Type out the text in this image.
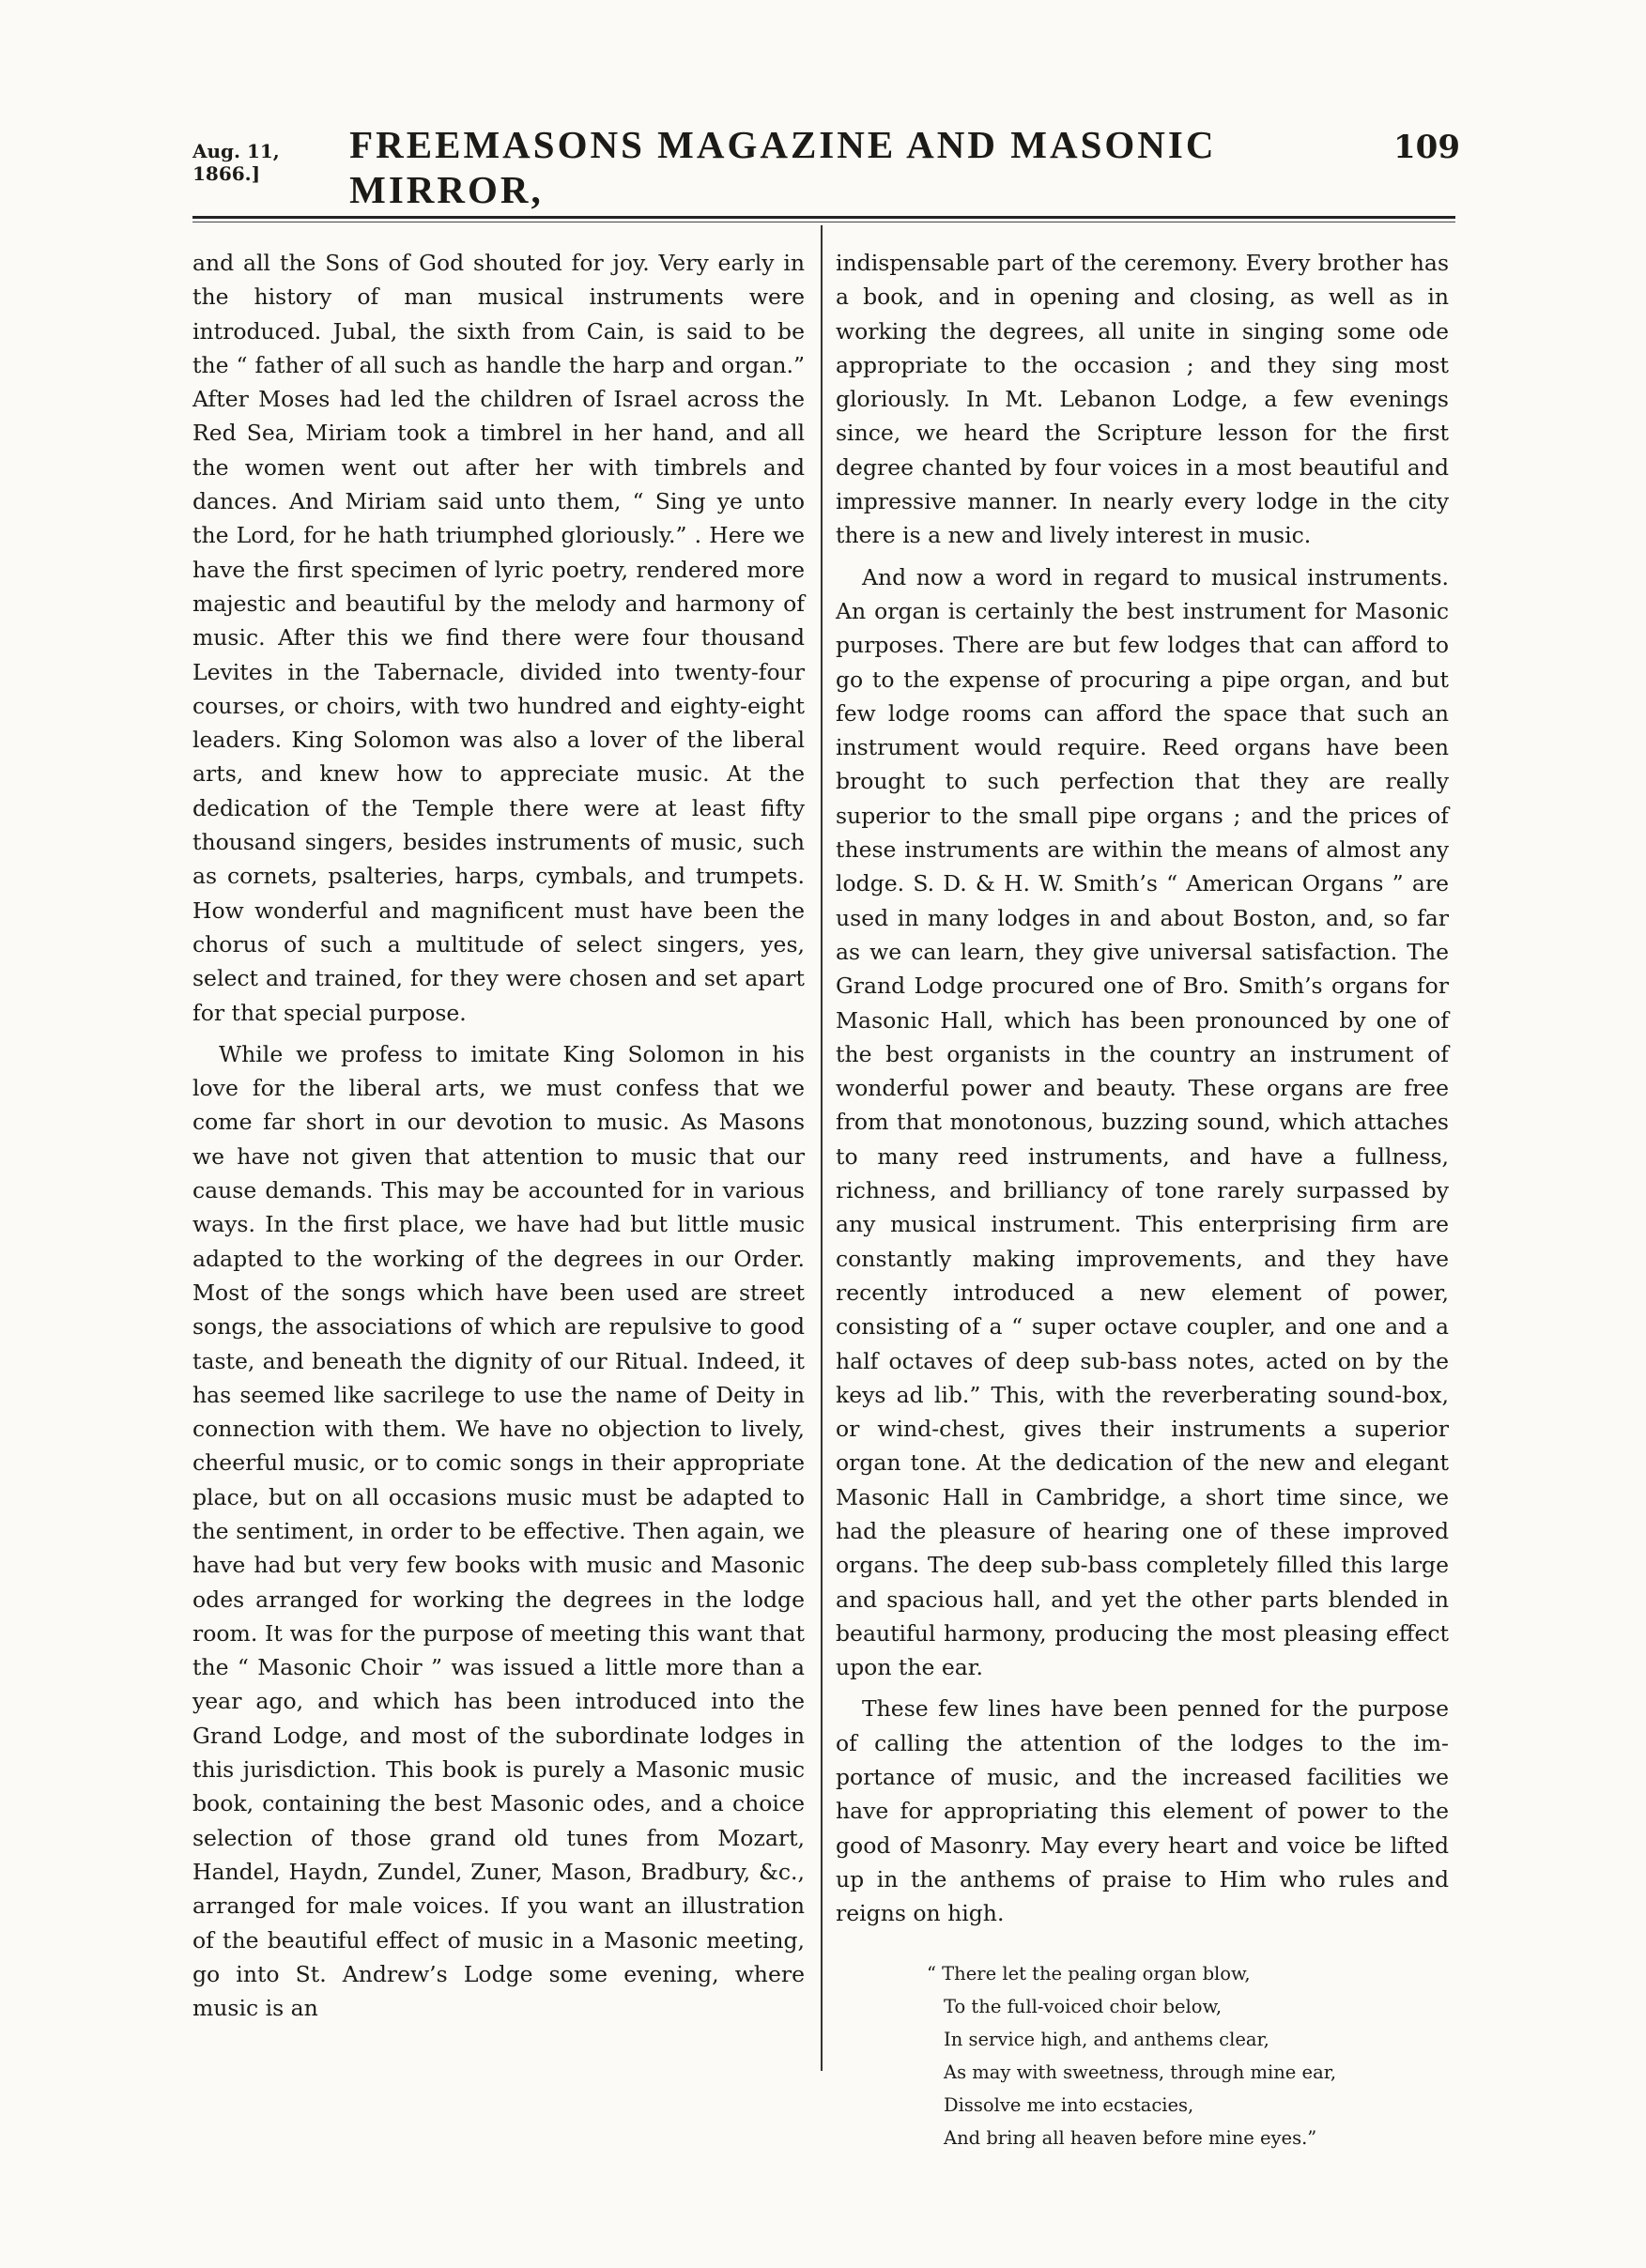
Aug. 11, 1866.]
FREEMASONS MAGAZINE AND MASONIC MIRROR,
109

and all the Sons of God shouted for joy. Very early in the history of man musical instruments were introduced. Jubal, the sixth from Cain, is said to be the “ father of all such as handle the harp and organ.” After Moses had led the children of Israel across the Red Sea, Miriam took a timbrel in her hand, and all the women went out after her with timbrels and dances. And Miriam said unto them, “ Sing ye unto the Lord, for he hath triumphed gloriously.” . Here we have the first specimen of lyric poetry, rendered more majestic and beautiful by the melody and harmony of music. After this we find there were four thousand Levites in the Tabernacle, divided into twenty-four courses, or choirs, with two hundred and eighty-eight leaders. King Solomon was also a lover of the liberal arts, and knew how to appreciate music. At the dedication of the Temple there were at least fifty thousand singers, besides instruments of music, such as cornets, psalteries, harps, cymbals, and trumpets. How wonderful and magnificent must have been the chorus of such a multitude of select singers, yes, select and trained, for they were chosen and set apart for that special purpose.

While we profess to imitate King Solomon in his love for the liberal arts, we must confess that we come far short in our devotion to music. As Masons we have not given that attention to music that our cause demands. This may be accounted for in various ways. In the first place, we have had but little music adapted to the working of the degrees in our Order. Most of the songs which have been used are street songs, the associations of which are repulsive to good taste, and beneath the dignity of our Ritual. Indeed, it has seemed like sacrilege to use the name of Deity in connection with them. We have no objection to lively, cheerful music, or to comic songs in their appropriate place, but on all occasions music must be adapted to the sentiment, in order to be effective. Then again, we have had but very few books with music and Masonic odes arranged for working the degrees in the lodge room. It was for the purpose of meeting this want that the “ Masonic Choir ” was issued a little more than a year ago, and which has been introduced into the Grand Lodge, and most of the subordinate lodges in this jurisdiction. This book is purely a Masonic music book, containing the best Masonic odes, and a choice selection of those grand old tunes from Mozart, Handel, Haydn, Zundel, Zuner, Mason, Bradbury, &c., arranged for male voices. If you want an illustration of the beautiful effect of music in a Masonic meeting, go into St. Andrew’s Lodge some evening, where music is an

indispensable part of the ceremony. Every brother has a book, and in opening and closing, as well as in working the degrees, all unite in singing some ode appropriate to the occasion ; and they sing most gloriously. In Mt. Lebanon Lodge, a few evenings since, we heard the Scripture lesson for the first degree chanted by four voices in a most beautiful and impressive manner. In nearly every lodge in the city there is a new and lively interest in music.

And now a word in regard to musical instruments. An organ is certainly the best instrument for Masonic purposes. There are but few lodges that can afford to go to the expense of procuring a pipe organ, and but few lodge rooms can afford the space that such an instrument would require. Reed organs have been brought to such perfection that they are really superior to the small pipe organs ; and the prices of these instruments are within the means of almost any lodge. S. D. & H. W. Smith’s “ American Organs ” are used in many lodges in and about Boston, and, so far as we can learn, they give universal satisfaction. The Grand Lodge procured one of Bro. Smith’s organs for Masonic Hall, which has been pronounced by one of the best organists in the country an instrument of wonderful power and beauty. These organs are free from that monotonous, buzzing sound, which attaches to many reed instruments, and have a fullness, richness, and brilliancy of tone rarely surpassed by any musical instrument. This enterprising firm are constantly making improvements, and they have recently introduced a new element of power, consisting of a “ super octave coupler, and one and a half octaves of deep sub-bass notes, acted on by the keys ad lib.” This, with the reverberating sound-box, or wind-chest, gives their instruments a superior organ tone. At the dedication of the new and elegant Masonic Hall in Cambridge, a short time since, we had the pleasure of hearing one of these improved organs. The deep sub-bass completely filled this large and spacious hall, and yet the other parts blended in beautiful harmony, producing the most pleasing effect upon the ear.

These few lines have been penned for the purpose of calling the attention of the lodges to the importance of music, and the increased facilities we have for appropriating this element of power to the good of Masonry. May every heart and voice be lifted up in the anthems of praise to Him who rules and reigns on high.

“ There let the pealing organ blow,
To the full-voiced choir below,
In service high, and anthems clear,
As may with sweetness, through mine ear,
Dissolve me into ecstacies,
And bring all heaven before mine eyes.”
